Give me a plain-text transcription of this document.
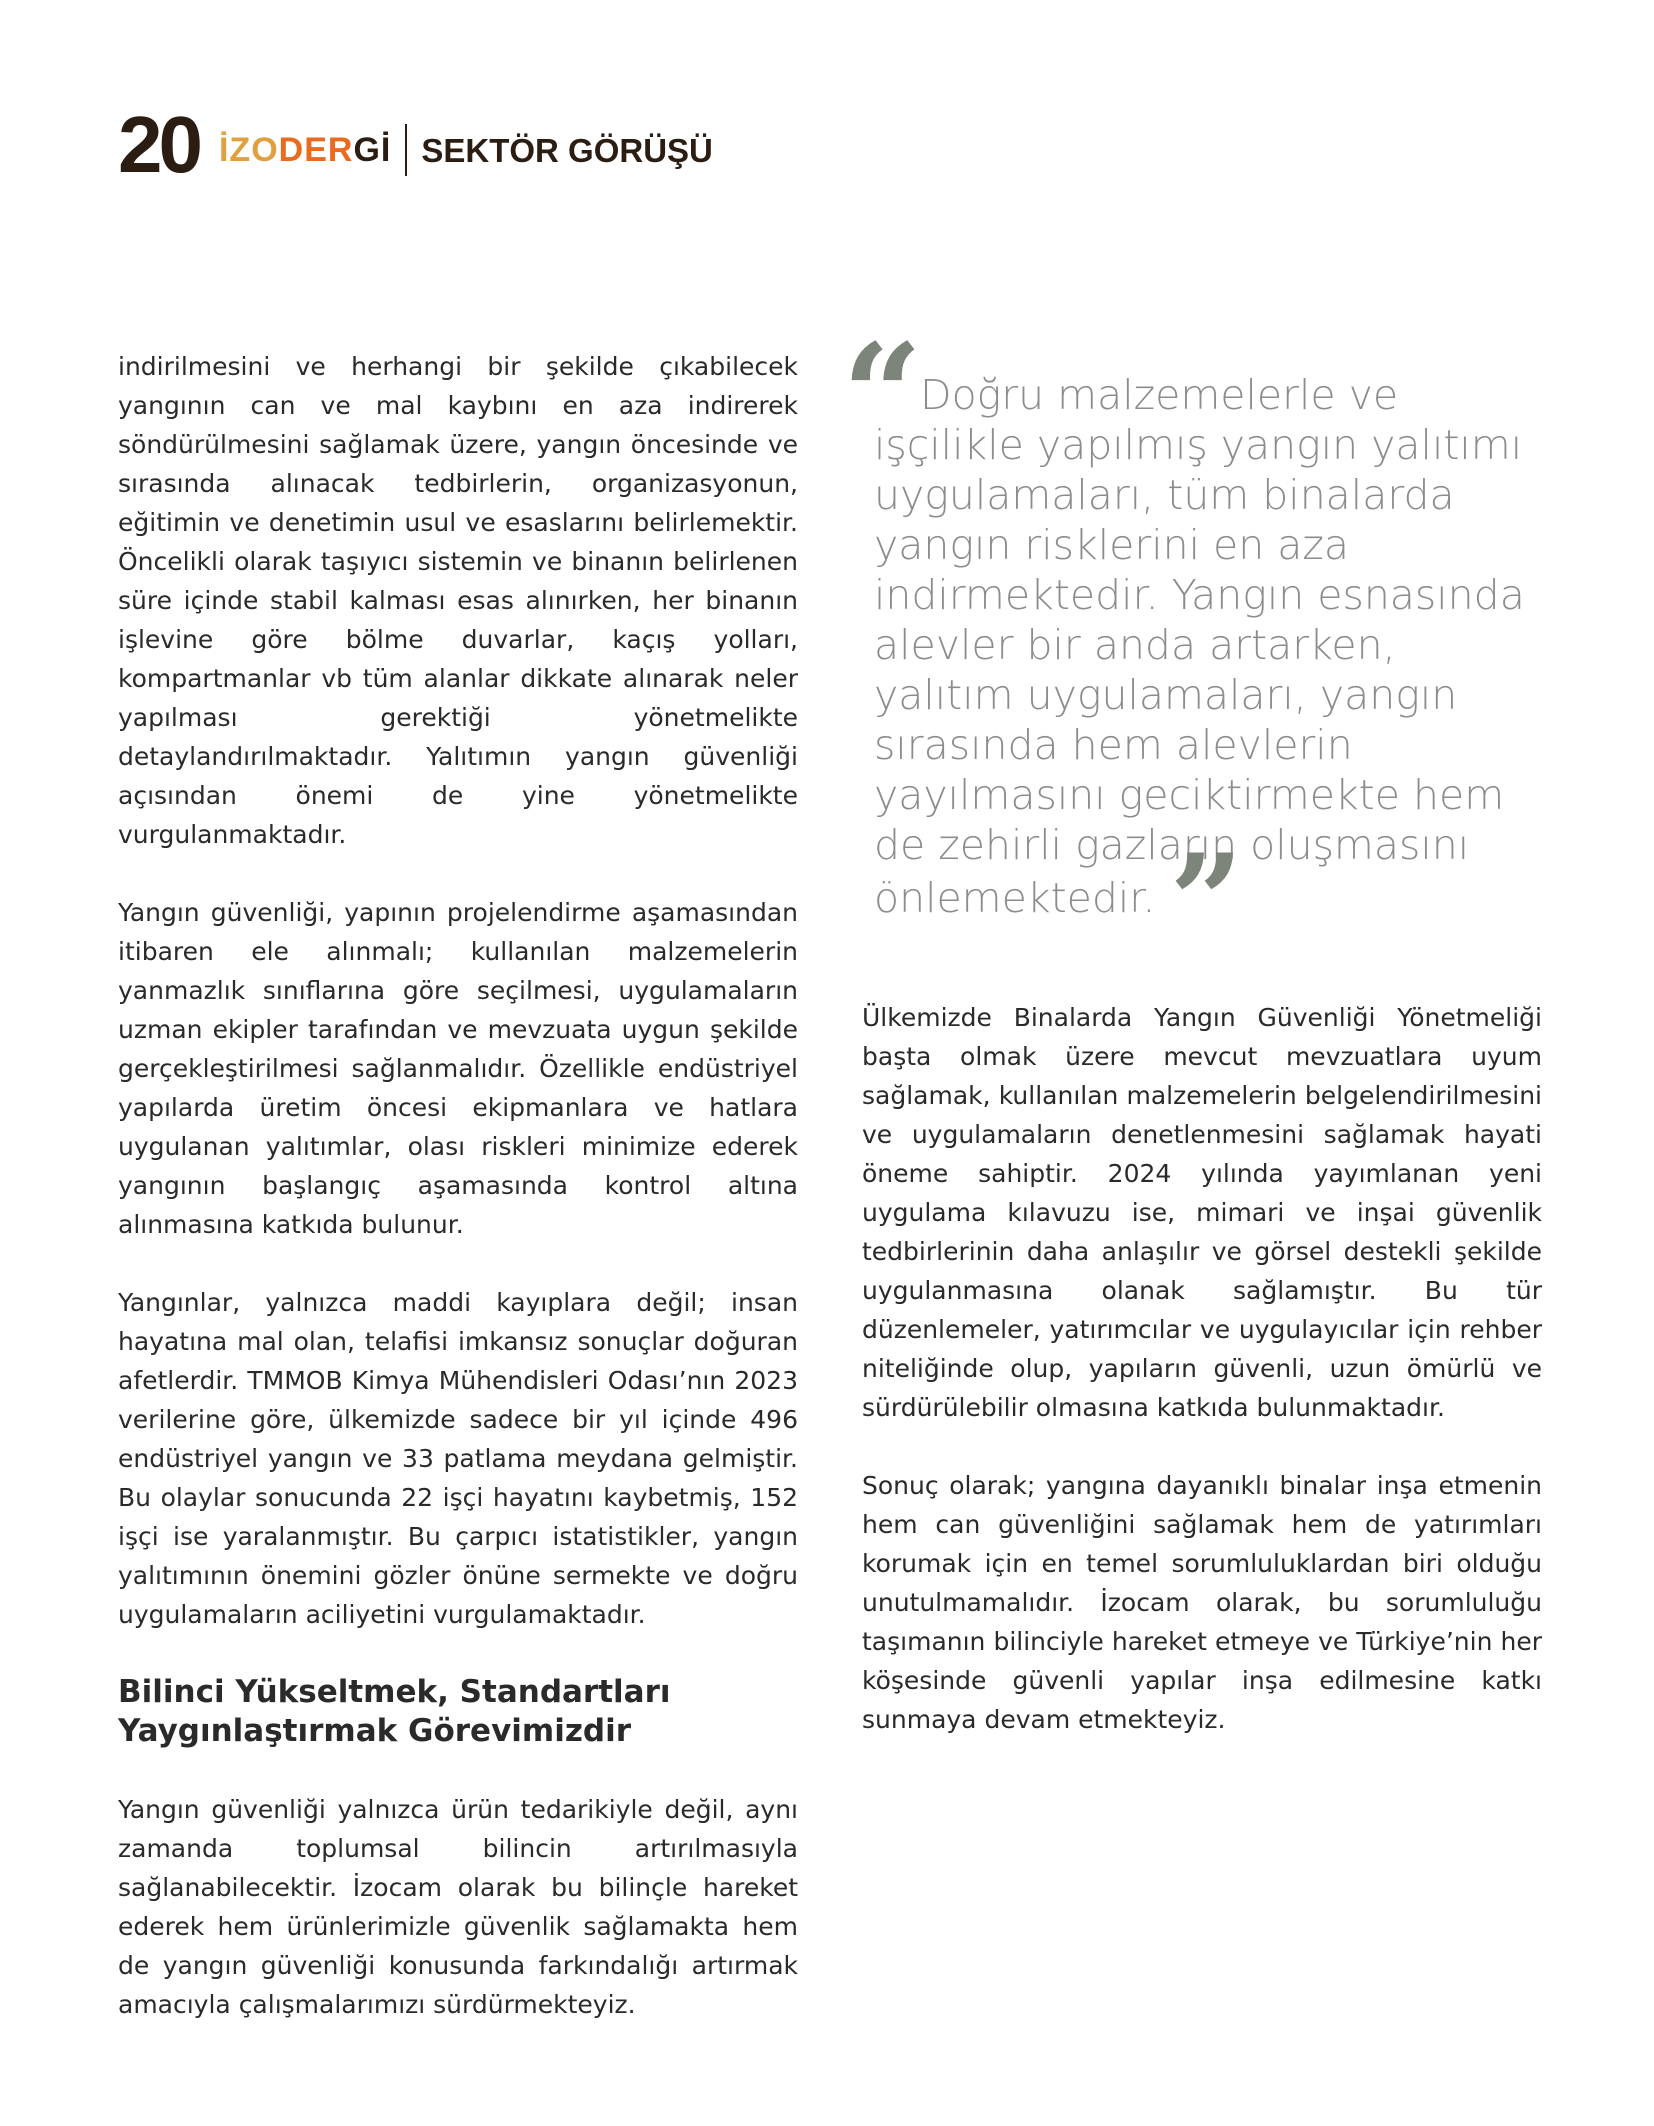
20 İZODERGİ SEKTÖR GÖRÜŞÜ

indirilmesini ve herhangi bir şekilde çıkabilecek yangının can ve mal kaybını en aza indirerek söndürülmesini sağlamak üzere, yangın öncesinde ve sırasında alınacak tedbirlerin, organizasyonun, eğitimin ve denetimin usul ve esaslarını belirlemektir. Öncelikli olarak taşıyıcı sistemin ve binanın belirlenen süre içinde stabil kalması esas alınırken, her binanın işlevine göre bölme duvarlar, kaçış yolları, kompartmanlar vb tüm alanlar dikkate alınarak neler yapılması gerektiği yönetmelikte detaylandırılmaktadır. Yalıtımın yangın güvenliği açısından önemi de yine yönetmelikte vurgulanmaktadır.

Yangın güvenliği, yapının projelendirme aşamasından itibaren ele alınmalı; kullanılan malzemelerin yanmazlık sınıflarına göre seçilmesi, uygulamaların uzman ekipler tarafından ve mevzuata uygun şekilde gerçekleştirilmesi sağlanmalıdır. Özellikle endüstriyel yapılarda üretim öncesi ekipmanlara ve hatlara uygulanan yalıtımlar, olası riskleri minimize ederek yangının başlangıç aşamasında kontrol altına alınmasına katkıda bulunur.

Yangınlar, yalnızca maddi kayıplara değil; insan hayatına mal olan, telafisi imkansız sonuçlar doğuran afetlerdir. TMMOB Kimya Mühendisleri Odası’nın 2023 verilerine göre, ülkemizde sadece bir yıl içinde 496 endüstriyel yangın ve 33 patlama meydana gelmiştir. Bu olaylar sonucunda 22 işçi hayatını kaybetmiş, 152 işçi ise yaralanmıştır. Bu çarpıcı istatistikler, yangın yalıtımının önemini gözler önüne sermekte ve doğru uygulamaların aciliyetini vurgulamaktadır.

Bilinci Yükseltmek, Standartları
Yaygınlaştırmak Görevimizdir

Yangın güvenliği yalnızca ürün tedarikiyle değil, aynı zamanda toplumsal bilincin artırılmasıyla sağlanabilecektir. İzocam olarak bu bilinçle hareket ederek hem ürünlerimizle güvenlik sağlamakta hem de yangın güvenliği konusunda farkındalığı artırmak amacıyla çalışmalarımızı sürdürmekteyiz.

“
Doğru malzemelerle ve işçilikle yapılmış yangın yalıtımı uygulamaları, tüm binalarda yangın risklerini en aza indirmektedir. Yangın esnasında alevler bir anda artarken, yalıtım uygulamaları, yangın sırasında hem alevlerin yayılmasını geciktirmekte hem de zehirli gazların oluşmasını önlemektedir. ”

Ülkemizde Binalarda Yangın Güvenliği Yönetmeliği başta olmak üzere mevcut mevzuatlara uyum sağlamak, kullanılan malzemelerin belgelendirilmesini ve uygulamaların denetlenmesini sağlamak hayati öneme sahiptir. 2024 yılında yayımlanan yeni uygulama kılavuzu ise, mimari ve inşai güvenlik tedbirlerinin daha anlaşılır ve görsel destekli şekilde uygulanmasına olanak sağlamıştır. Bu tür düzenlemeler, yatırımcılar ve uygulayıcılar için rehber niteliğinde olup, yapıların güvenli, uzun ömürlü ve sürdürülebilir olmasına katkıda bulunmaktadır.

Sonuç olarak; yangına dayanıklı binalar inşa etmenin hem can güvenliğini sağlamak hem de yatırımları korumak için en temel sorumluluklardan biri olduğu unutulmamalıdır. İzocam olarak, bu sorumluluğu taşımanın bilinciyle hareket etmeye ve Türkiye’nin her köşesinde güvenli yapılar inşa edilmesine katkı sunmaya devam etmekteyiz.
